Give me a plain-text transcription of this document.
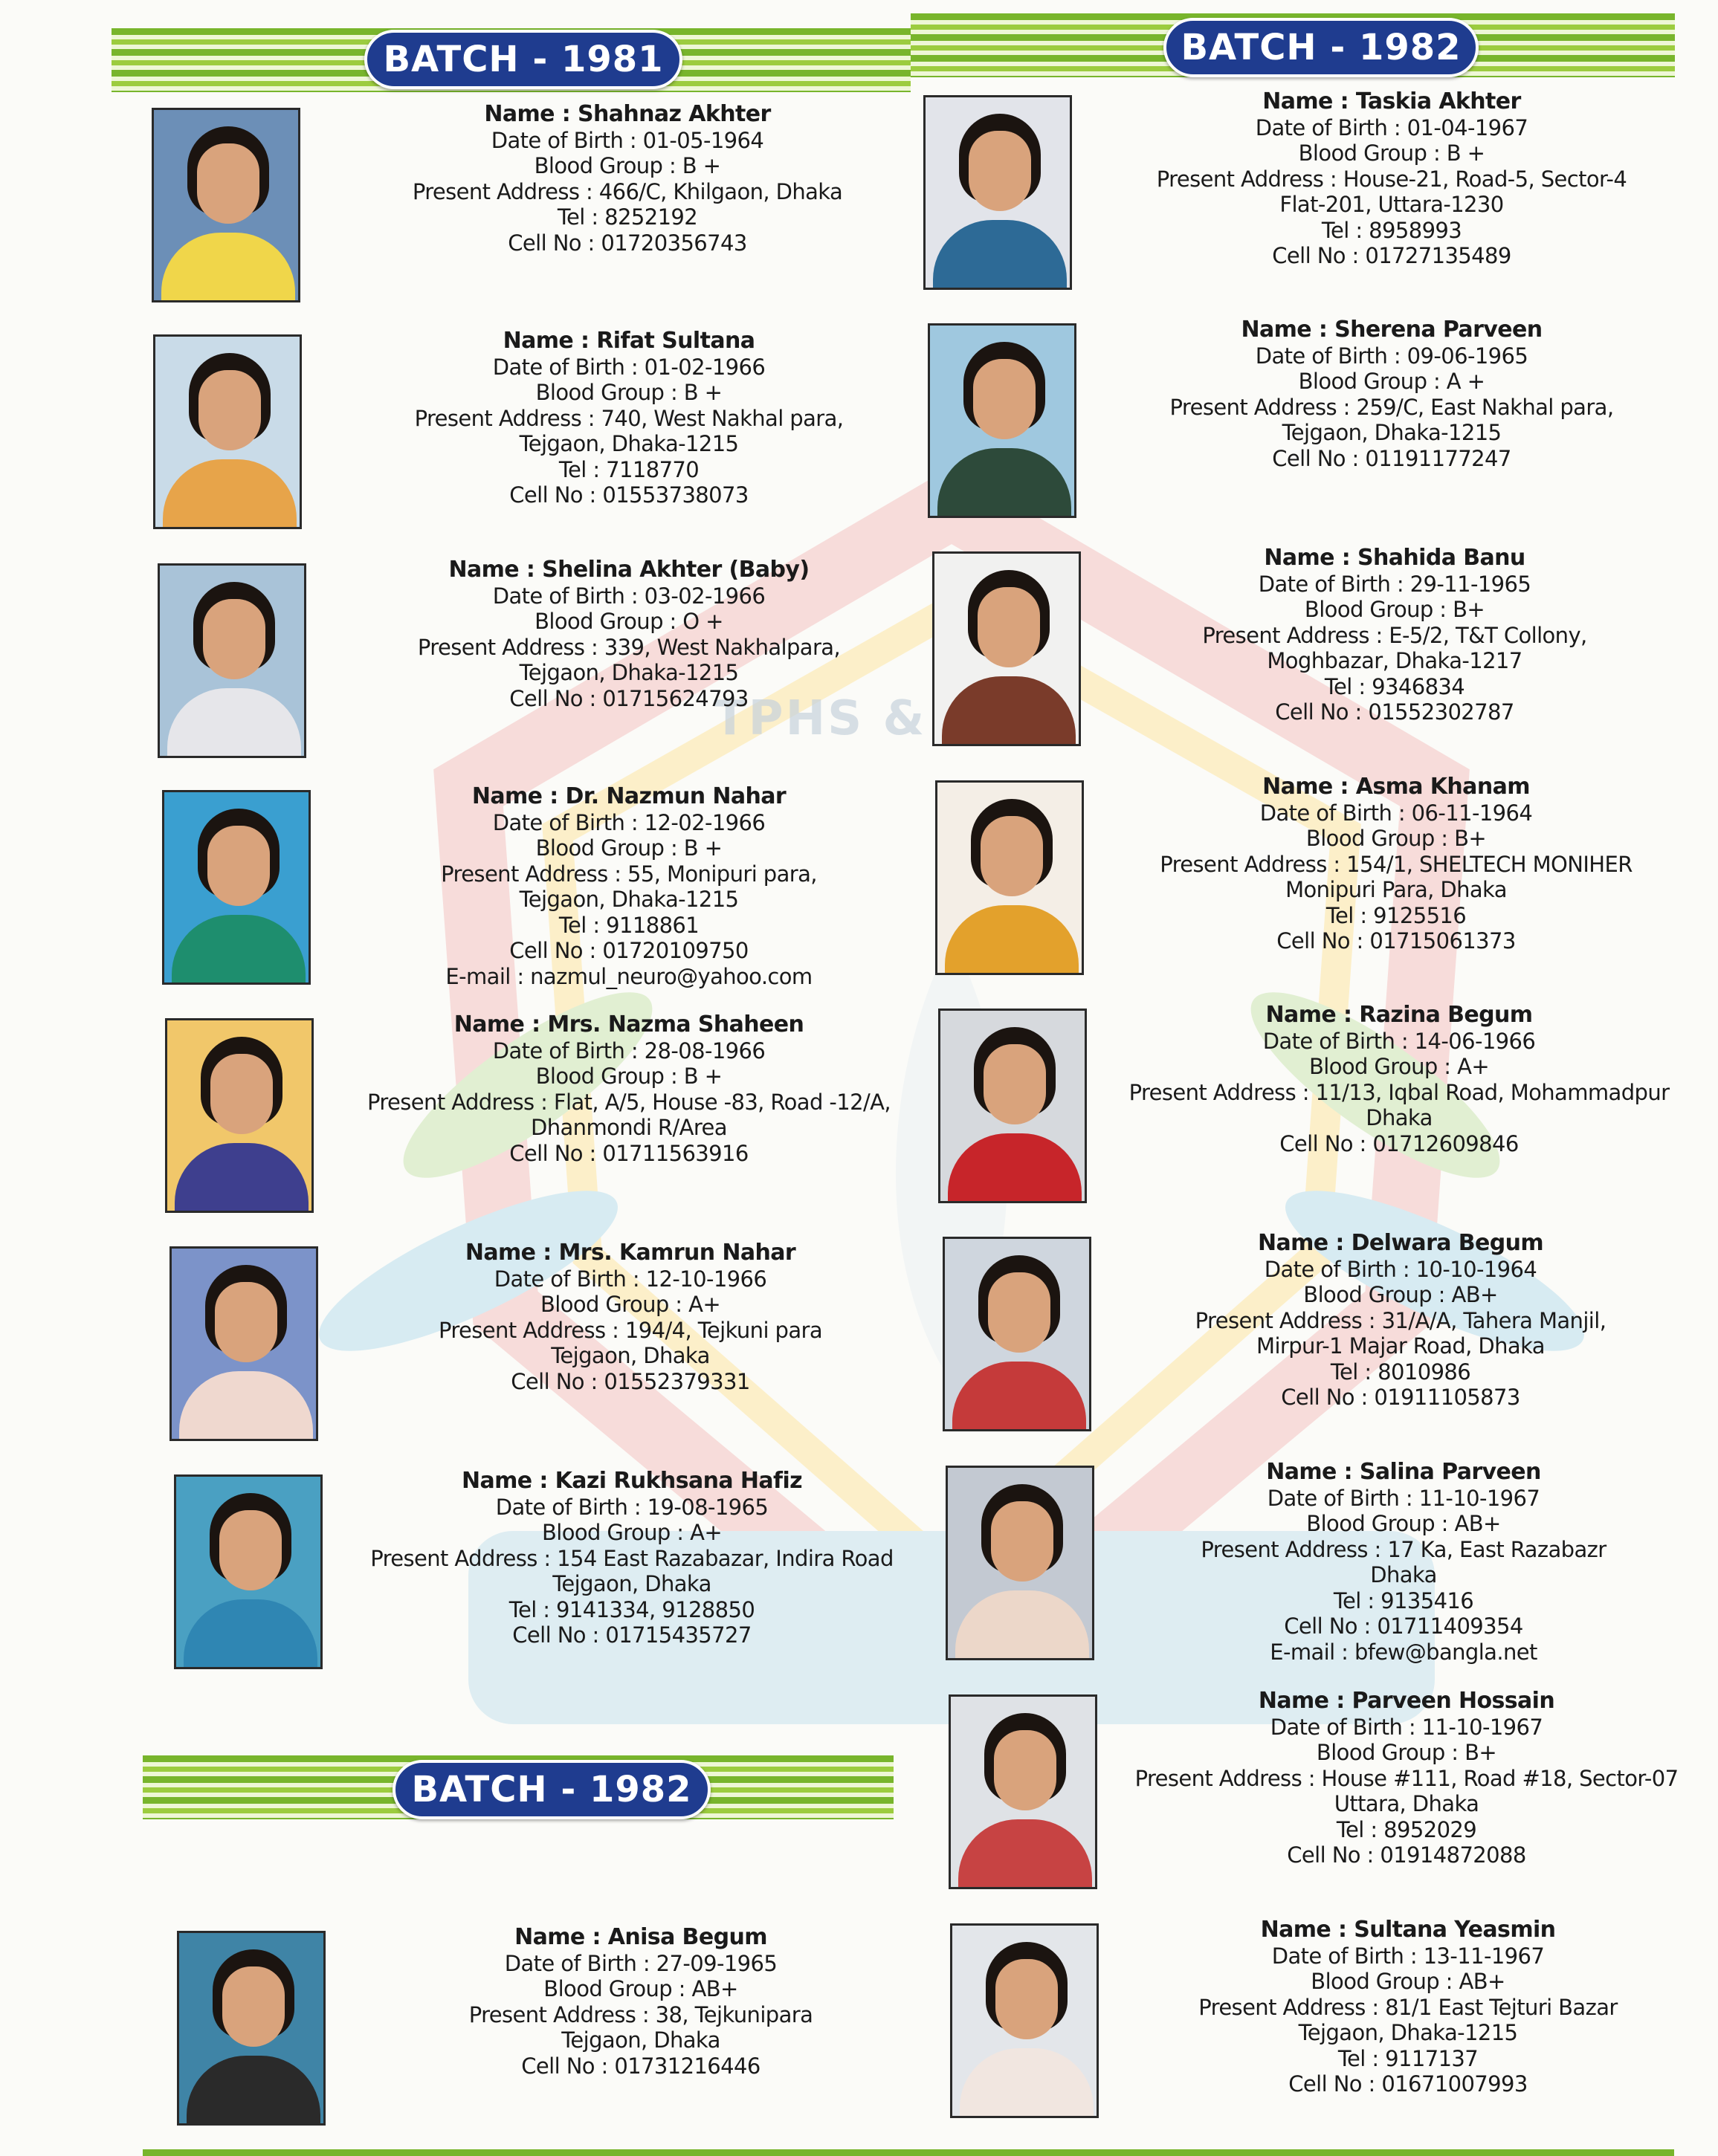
TPHS &
BATCH - 1981	BATCH - 1982
BATCH - 1982
Name : Shahnaz Akhter
Date of Birth : 01-05-1964
Blood Group : B +
Present Address : 466/C, Khilgaon, Dhaka
Tel : 8252192
Cell No : 01720356743
Name : Rifat Sultana
Date of Birth : 01-02-1966
Blood Group : B +
Present Address : 740, West Nakhal para,
Tejgaon, Dhaka-1215
Tel : 7118770
Cell No : 01553738073
Name : Shelina Akhter (Baby)
Date of Birth : 03-02-1966
Blood Group : O +
Present Address : 339, West Nakhalpara,
Tejgaon, Dhaka-1215
Cell No : 01715624793
Name : Dr. Nazmun Nahar
Date of Birth : 12-02-1966
Blood Group : B +
Present Address : 55, Monipuri para,
Tejgaon, Dhaka-1215
Tel : 9118861
Cell No : 01720109750
E-mail : nazmul_neuro@yahoo.com
Name : Mrs. Nazma Shaheen
Date of Birth : 28-08-1966
Blood Group : B +
Present Address : Flat, A/5, House -83, Road -12/A,
Dhanmondi R/Area
Cell No : 01711563916
Name : Mrs. Kamrun Nahar
Date of Birth : 12-10-1966
Blood Group : A+
Present Address : 194/4, Tejkuni para
Tejgaon, Dhaka
Cell No : 01552379331
Name : Kazi Rukhsana Hafiz
Date of Birth : 19-08-1965
Blood Group : A+
Present Address : 154 East Razabazar, Indira Road
Tejgaon, Dhaka
Tel : 9141334, 9128850
Cell No : 01715435727
Name : Anisa Begum
Date of Birth : 27-09-1965
Blood Group : AB+
Present Address : 38, Tejkunipara
Tejgaon, Dhaka
Cell No : 01731216446
Name : Taskia Akhter
Date of Birth : 01-04-1967
Blood Group : B +
Present Address : House-21, Road-5, Sector-4
Flat-201, Uttara-1230
Tel : 8958993
Cell No : 01727135489
Name : Sherena Parveen
Date of Birth : 09-06-1965
Blood Group : A +
Present Address : 259/C, East Nakhal para,
Tejgaon, Dhaka-1215
Cell No : 01191177247
Name : Shahida Banu
Date of Birth : 29-11-1965
Blood Group : B+
Present Address : E-5/2, T&T Collony,
Moghbazar, Dhaka-1217
Tel : 9346834
Cell No : 01552302787
Name : Asma Khanam
Date of Birth : 06-11-1964
Blood Group : B+
Present Address : 154/1, SHELTECH MONIHER
Monipuri Para, Dhaka
Tel : 9125516
Cell No : 01715061373
Name : Razina Begum
Date of Birth : 14-06-1966
Blood Group : A+
Present Address : 11/13, Iqbal Road, Mohammadpur
Dhaka
Cell No : 01712609846
Name : Delwara Begum
Date of Birth : 10-10-1964
Blood Group : AB+
Present Address : 31/A/A, Tahera Manjil,
Mirpur-1 Majar Road, Dhaka
Tel : 8010986
Cell No : 01911105873
Name : Salina Parveen
Date of Birth : 11-10-1967
Blood Group : AB+
Present Address : 17 Ka, East Razabazr
Dhaka
Tel : 9135416
Cell No : 01711409354
E-mail : bfew@bangla.net
Name : Parveen Hossain
Date of Birth : 11-10-1967
Blood Group : B+
Present Address : House #111, Road #18, Sector-07
Uttara, Dhaka
Tel : 8952029
Cell No : 01914872088
Name : Sultana Yeasmin
Date of Birth : 13-11-1967
Blood Group : AB+
Present Address : 81/1 East Tejturi Bazar
Tejgaon, Dhaka-1215
Tel : 9117137
Cell No : 01671007993
